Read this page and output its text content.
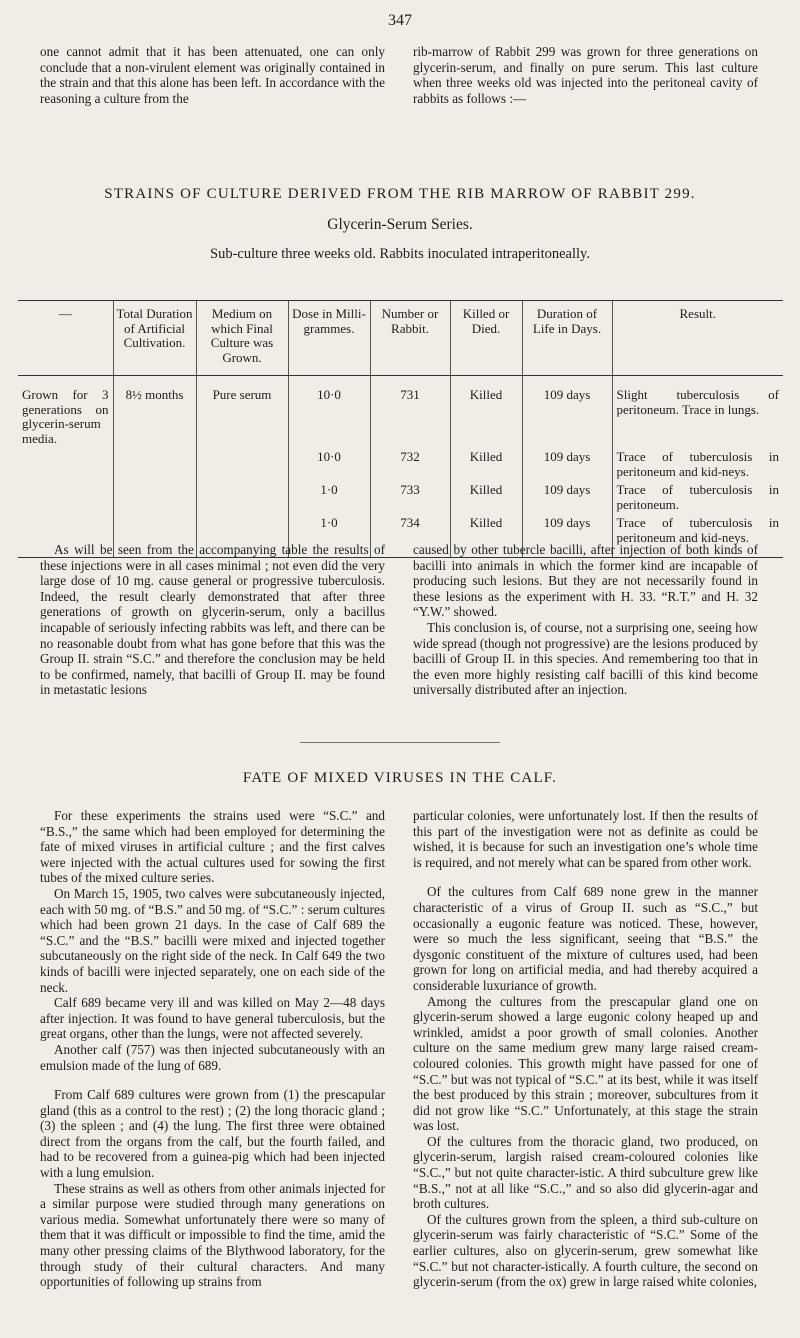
347

one cannot admit that it has been attenuated, one can only conclude that a non-virulent element was originally contained in the strain and that this alone has been left. In accordance with the reasoning a culture from the

rib-marrow of Rabbit 299 was grown for three generations on glycerin-serum, and finally on pure serum. This last culture when three weeks old was injected into the peritoneal cavity of rabbits as follows :—

STRAINS OF CULTURE DERIVED FROM THE RIB MARROW OF RABBIT 299.
Glycerin-Serum Series.
Sub-culture three weeks old. Rabbits inoculated intraperitoneally.
—	Total Duration of Artificial Cultivation.	Medium on which Final Culture was Grown.	Dose in Milli-grammes.	Number or Rabbit.	Killed or Died.	Duration of Life in Days.	Result.
Grown for 3 generations on glycerin-serum media.	8½ months	Pure serum	10·0	731	Killed	109 days	Slight tuberculosis of peritoneum. Trace in lungs.
			10·0	732	Killed	109 days	Trace of tuberculosis in peritoneum and kid-neys.
			1·0	733	Killed	109 days	Trace of tuberculosis in peritoneum.
			1·0	734	Killed	109 days	Trace of tuberculosis in peritoneum and kid-neys.

As will be seen from the accompanying table the results of these injections were in all cases minimal ; not even did the very large dose of 10 mg. cause general or progressive tuberculosis. Indeed, the result clearly demonstrated that after three generations of growth on glycerin-serum, only a bacillus incapable of seriously infecting rabbits was left, and there can be no reasonable doubt from what has gone before that this was the Group II. strain “S.C.” and therefore the conclusion may be held to be confirmed, namely, that bacilli of Group II. may be found in metastatic lesions

caused by other tubercle bacilli, after injection of both kinds of bacilli into animals in which the former kind are incapable of producing such lesions. But they are not necessarily found in these lesions as the experiment with H. 33. “R.T.” and H. 32 “Y.W.” showed.

This conclusion is, of course, not a surprising one, seeing how wide spread (though not progressive) are the lesions produced by bacilli of Group II. in this species. And remembering too that in the even more highly resisting calf bacilli of this kind become universally distributed after an injection.

FATE OF MIXED VIRUSES IN THE CALF.

For these experiments the strains used were “S.C.” and “B.S.,” the same which had been employed for determining the fate of mixed viruses in artificial culture ; and the first calves were injected with the actual cultures used for sowing the first tubes of the mixed culture series.

On March 15, 1905, two calves were subcutaneously injected, each with 50 mg. of “B.S.” and 50 mg. of “S.C.” : serum cultures which had been grown 21 days. In the case of Calf 689 the “S.C.” and the “B.S.” bacilli were mixed and injected together subcutaneously on the right side of the neck. In Calf 649 the two kinds of bacilli were injected separately, one on each side of the neck.

Calf 689 became very ill and was killed on May 2—48 days after injection. It was found to have general tuberculosis, but the great organs, other than the lungs, were not affected severely.

Another calf (757) was then injected subcutaneously with an emulsion made of the lung of 689.

From Calf 689 cultures were grown from (1) the prescapular gland (this as a control to the rest) ; (2) the long thoracic gland ; (3) the spleen ; and (4) the lung. The first three were obtained direct from the organs from the calf, but the fourth failed, and had to be recovered from a guinea-pig which had been injected with a lung emulsion.

These strains as well as others from other animals injected for a similar purpose were studied through many generations on various media. Somewhat unfortunately there were so many of them that it was difficult or impossible to find the time, amid the many other pressing claims of the Blythwood laboratory, for the through study of their cultural characters. And many opportunities of following up strains from

particular colonies, were unfortunately lost. If then the results of this part of the investigation were not as definite as could be wished, it is because for such an investigation one’s whole time is required, and not merely what can be spared from other work.

Of the cultures from Calf 689 none grew in the manner characteristic of a virus of Group II. such as “S.C.,” but occasionally a eugonic feature was noticed. These, however, were so much the less significant, seeing that “B.S.” the dysgonic constituent of the mixture of cultures used, had been grown for long on artificial media, and had thereby acquired a considerable luxuriance of growth.

Among the cultures from the prescapular gland one on glycerin-serum showed a large eugonic colony heaped up and wrinkled, amidst a poor growth of small colonies. Another culture on the same medium grew many large raised cream-coloured colonies. This growth might have passed for one of “S.C.” but was not typical of “S.C.” at its best, while it was itself the best produced by this strain ; moreover, subcultures from it did not grow like “S.C.” Unfortunately, at this stage the strain was lost.

Of the cultures from the thoracic gland, two produced, on glycerin-serum, largish raised cream-coloured colonies like “S.C.,” but not quite character-istic. A third subculture grew like “B.S.,” not at all like “S.C.,” and so also did glycerin-agar and broth cultures.

Of the cultures grown from the spleen, a third sub-culture on glycerin-serum was fairly characteristic of “S.C.” Some of the earlier cultures, also on glycerin-serum, grew somewhat like “S.C.” but not character-istically. A fourth culture, the second on glycerin-serum (from the ox) grew in large raised white colonies,
